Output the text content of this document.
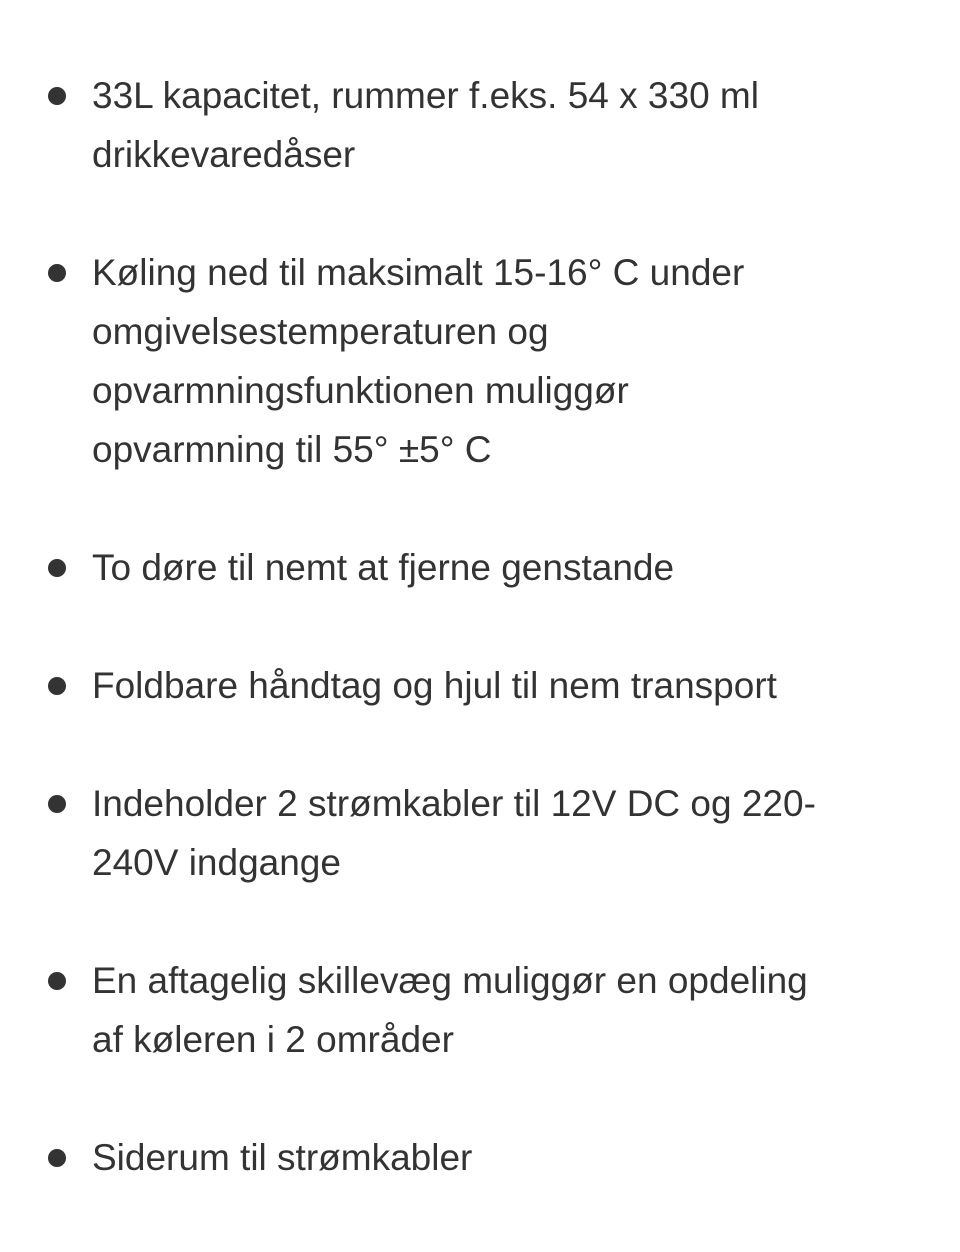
33L kapacitet, rummer f.eks. 54 x 330 ml
drikkevaredåser
Køling ned til maksimalt 15-16° C under
omgivelsestemperaturen og
opvarmningsfunktionen muliggør
opvarmning til 55° ±5° C
To døre til nemt at fjerne genstande
Foldbare håndtag og hjul til nem transport
Indeholder 2 strømkabler til 12V DC og 220-
240V indgange
En aftagelig skillevæg muliggør en opdeling
af køleren i 2 områder
Siderum til strømkabler
